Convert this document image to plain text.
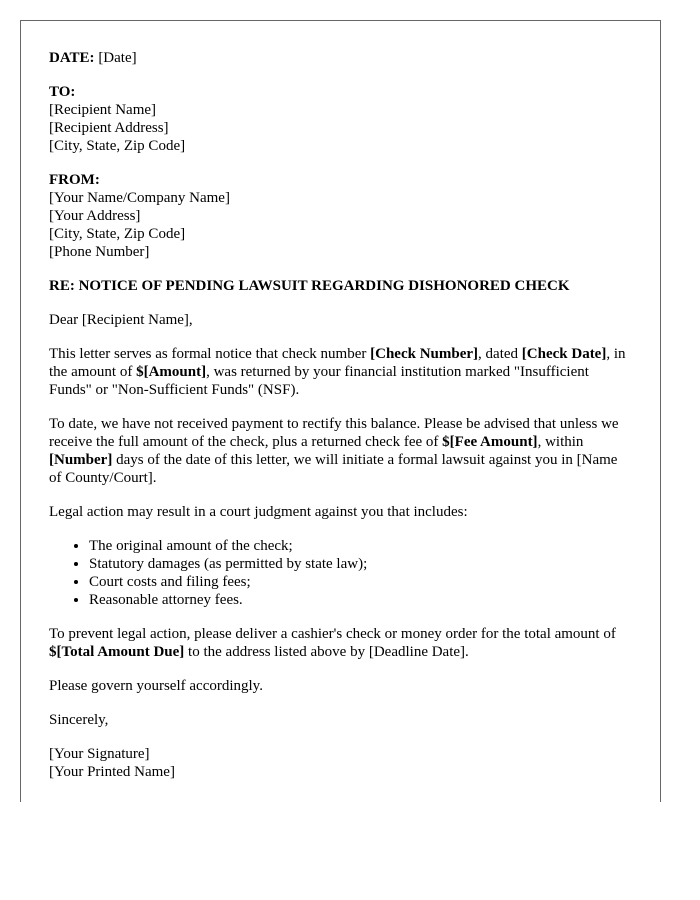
DATE: [Date]
TO:
[Recipient Name]
[Recipient Address]
[City, State, Zip Code]
FROM:
[Your Name/Company Name]
[Your Address]
[City, State, Zip Code]
[Phone Number]
RE: NOTICE OF PENDING LAWSUIT REGARDING DISHONORED CHECK

Dear [Recipient Name],

This letter serves as formal notice that check number [Check Number], dated [Check Date], in the amount of $[Amount], was returned by your financial institution marked "Insufficient Funds" or "Non-Sufficient Funds" (NSF).

To date, we have not received payment to rectify this balance. Please be advised that unless we receive the full amount of the check, plus a returned check fee of $[Fee Amount], within [Number] days of the date of this letter, we will initiate a formal lawsuit against you in [Name of County/Court].

Legal action may result in a court judgment against you that includes:

• The original amount of the check;
• Statutory damages (as permitted by state law);
• Court costs and filing fees;
• Reasonable attorney fees.

To prevent legal action, please deliver a cashier's check or money order for the total amount of $[Total Amount Due] to the address listed above by [Deadline Date].

Please govern yourself accordingly.

Sincerely,

[Your Signature]
[Your Printed Name]
